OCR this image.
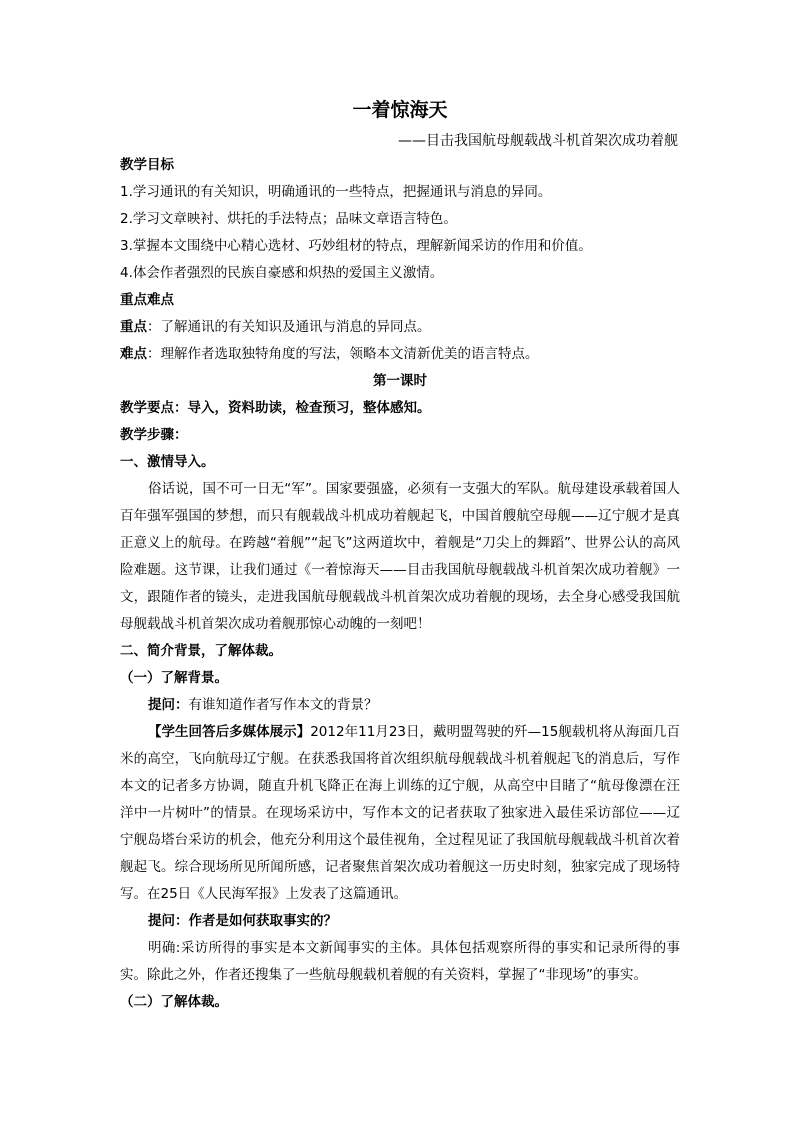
一着惊海天
——目击我国航母舰载战斗机首架次成功着舰
教学目标
1.学习通讯的有关知识，明确通讯的一些特点，把握通讯与消息的异同。
2.学习文章映衬、烘托的手法特点；品味文章语言特色。
3.掌握本文围绕中心精心选材、巧妙组材的特点，理解新闻采访的作用和价值。
4.体会作者强烈的民族自豪感和炽热的爱国主义激情。
重点难点
重点：了解通讯的有关知识及通讯与消息的异同点。
难点：理解作者选取独特角度的写法，领略本文清新优美的语言特点。
第一课时
教学要点：导入，资料助读，检查预习，整体感知。
教学步骤：
一、激情导入。
俗话说，国不可一日无“军”。国家要强盛，必须有一支强大的军队。航母建设承载着国人百年强军强国的梦想，而只有舰载战斗机成功着舰起飞，中国首艘航空母舰——辽宁舰才是真正意义上的航母。在跨越“着舰”“起飞”这两道坎中，着舰是“刀尖上的舞蹈”、世界公认的高风险难题。这节课，让我们通过《一着惊海天——目击我国航母舰载战斗机首架次成功着舰》一文，跟随作者的镜头，走进我国航母舰载战斗机首架次成功着舰的现场，去全身心感受我国航母舰载战斗机首架次成功着舰那惊心动魄的一刻吧！
二、简介背景，了解体裁。
（一）了解背景。
提问：有谁知道作者写作本文的背景？
【学生回答后多媒体展示】2012年11月23日，戴明盟驾驶的歼—15舰载机将从海面几百米的高空，飞向航母辽宁舰。在获悉我国将首次组织航母舰载战斗机着舰起飞的消息后，写作本文的记者多方协调，随直升机飞降正在海上训练的辽宁舰，从高空中目睹了“航母像漂在汪洋中一片树叶”的情景。在现场采访中，写作本文的记者获取了独家进入最佳采访部位——辽宁舰岛塔台采访的机会，他充分利用这个最佳视角，全过程见证了我国航母舰载战斗机首次着舰起飞。综合现场所见所闻所感，记者聚焦首架次成功着舰这一历史时刻，独家完成了现场特写。在25日《人民海军报》上发表了这篇通讯。
提问：作者是如何获取事实的？
明确:采访所得的事实是本文新闻事实的主体。具体包括观察所得的事实和记录所得的事实。除此之外，作者还搜集了一些航母舰载机着舰的有关资料，掌握了“非现场”的事实。
（二）了解体裁。
